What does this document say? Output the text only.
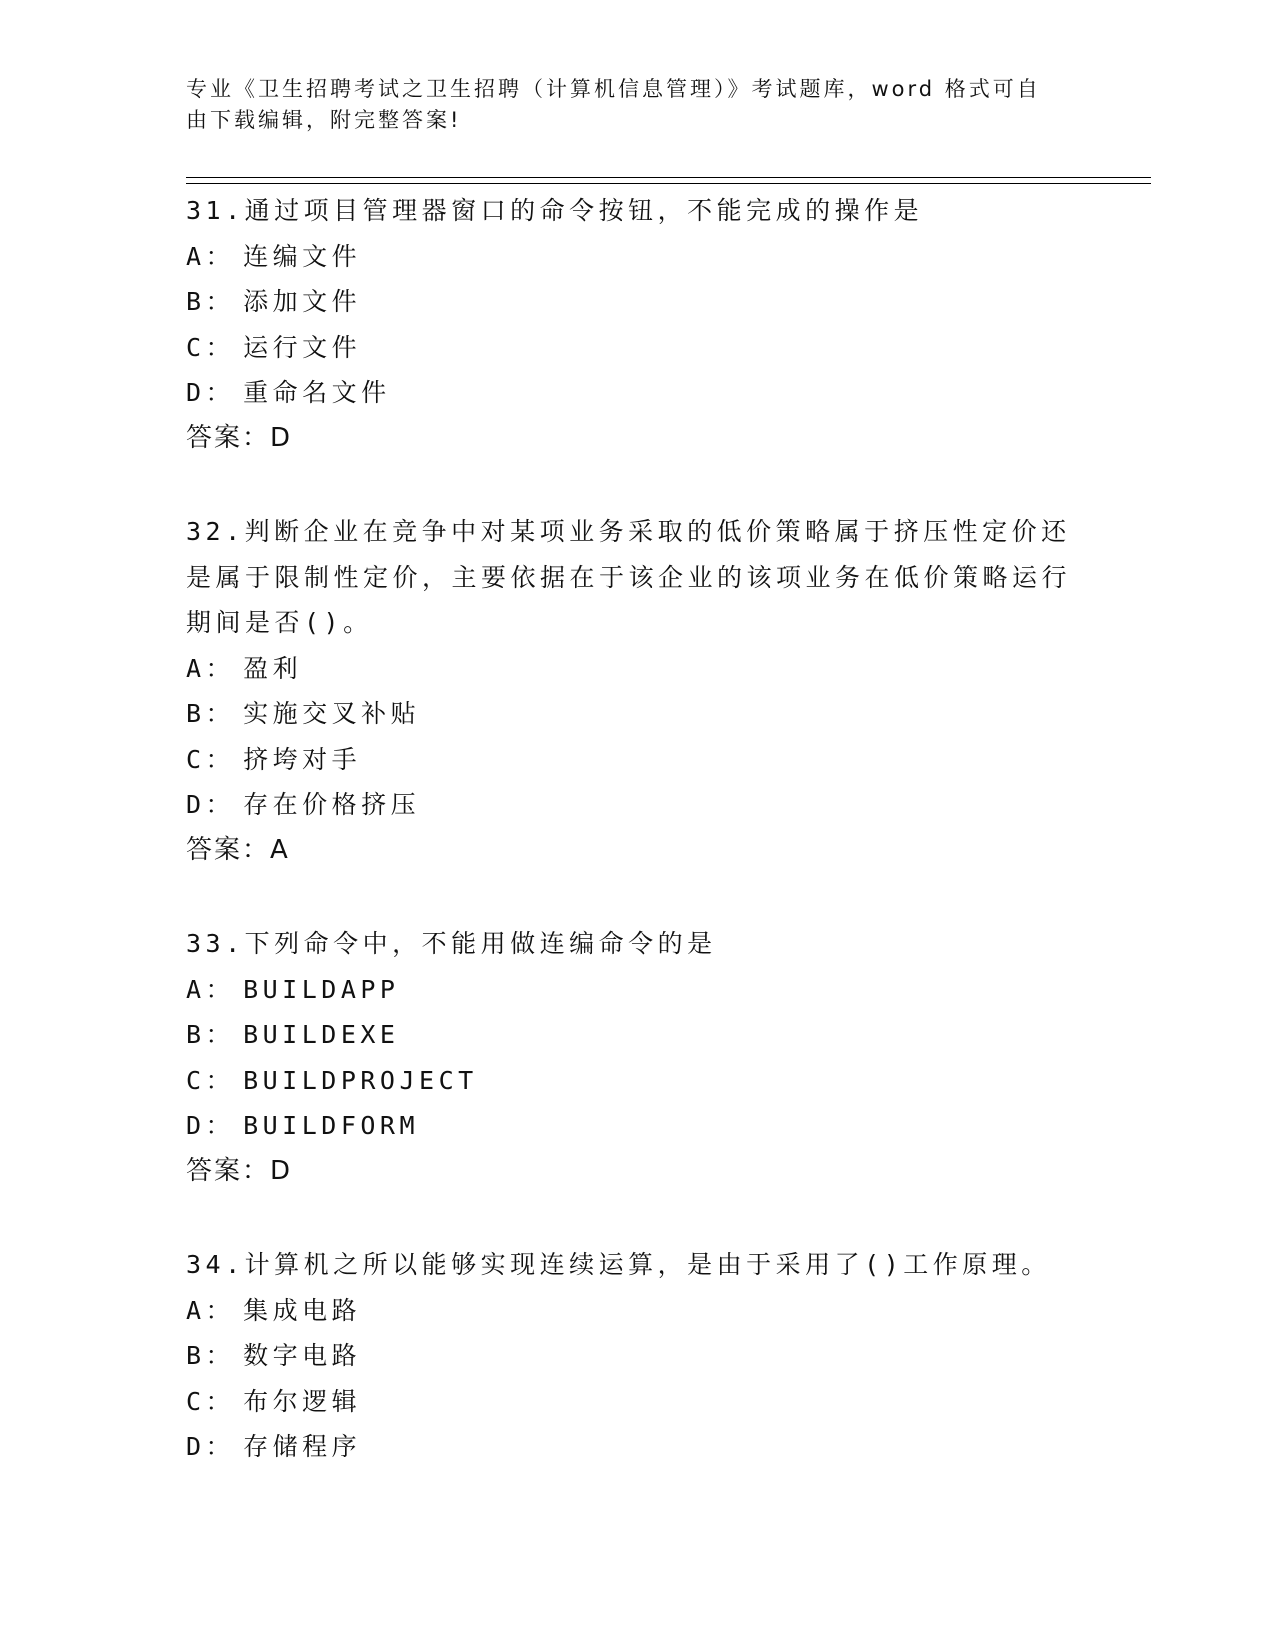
专业《卫生招聘考试之卫生招聘（计算机信息管理）》考试题库，word 格式可自
由下载编辑，附完整答案!
31.通过项目管理器窗口的命令按钮，不能完成的操作是
A： 连编文件
B： 添加文件
C： 运行文件
D： 重命名文件
答案：D
32.判断企业在竞争中对某项业务采取的低价策略属于挤压性定价还是属于限制性定价，主要依据在于该企业的该项业务在低价策略运行期间是否()。
A： 盈利
B： 实施交叉补贴
C： 挤垮对手
D： 存在价格挤压
答案：A
33.下列命令中，不能用做连编命令的是
A： BUILDAPP
B： BUILDEXE
C： BUILDPROJECT
D： BUILDFORM
答案：D
34.计算机之所以能够实现连续运算，是由于采用了()工作原理。
A： 集成电路
B： 数字电路
C： 布尔逻辑
D： 存储程序
